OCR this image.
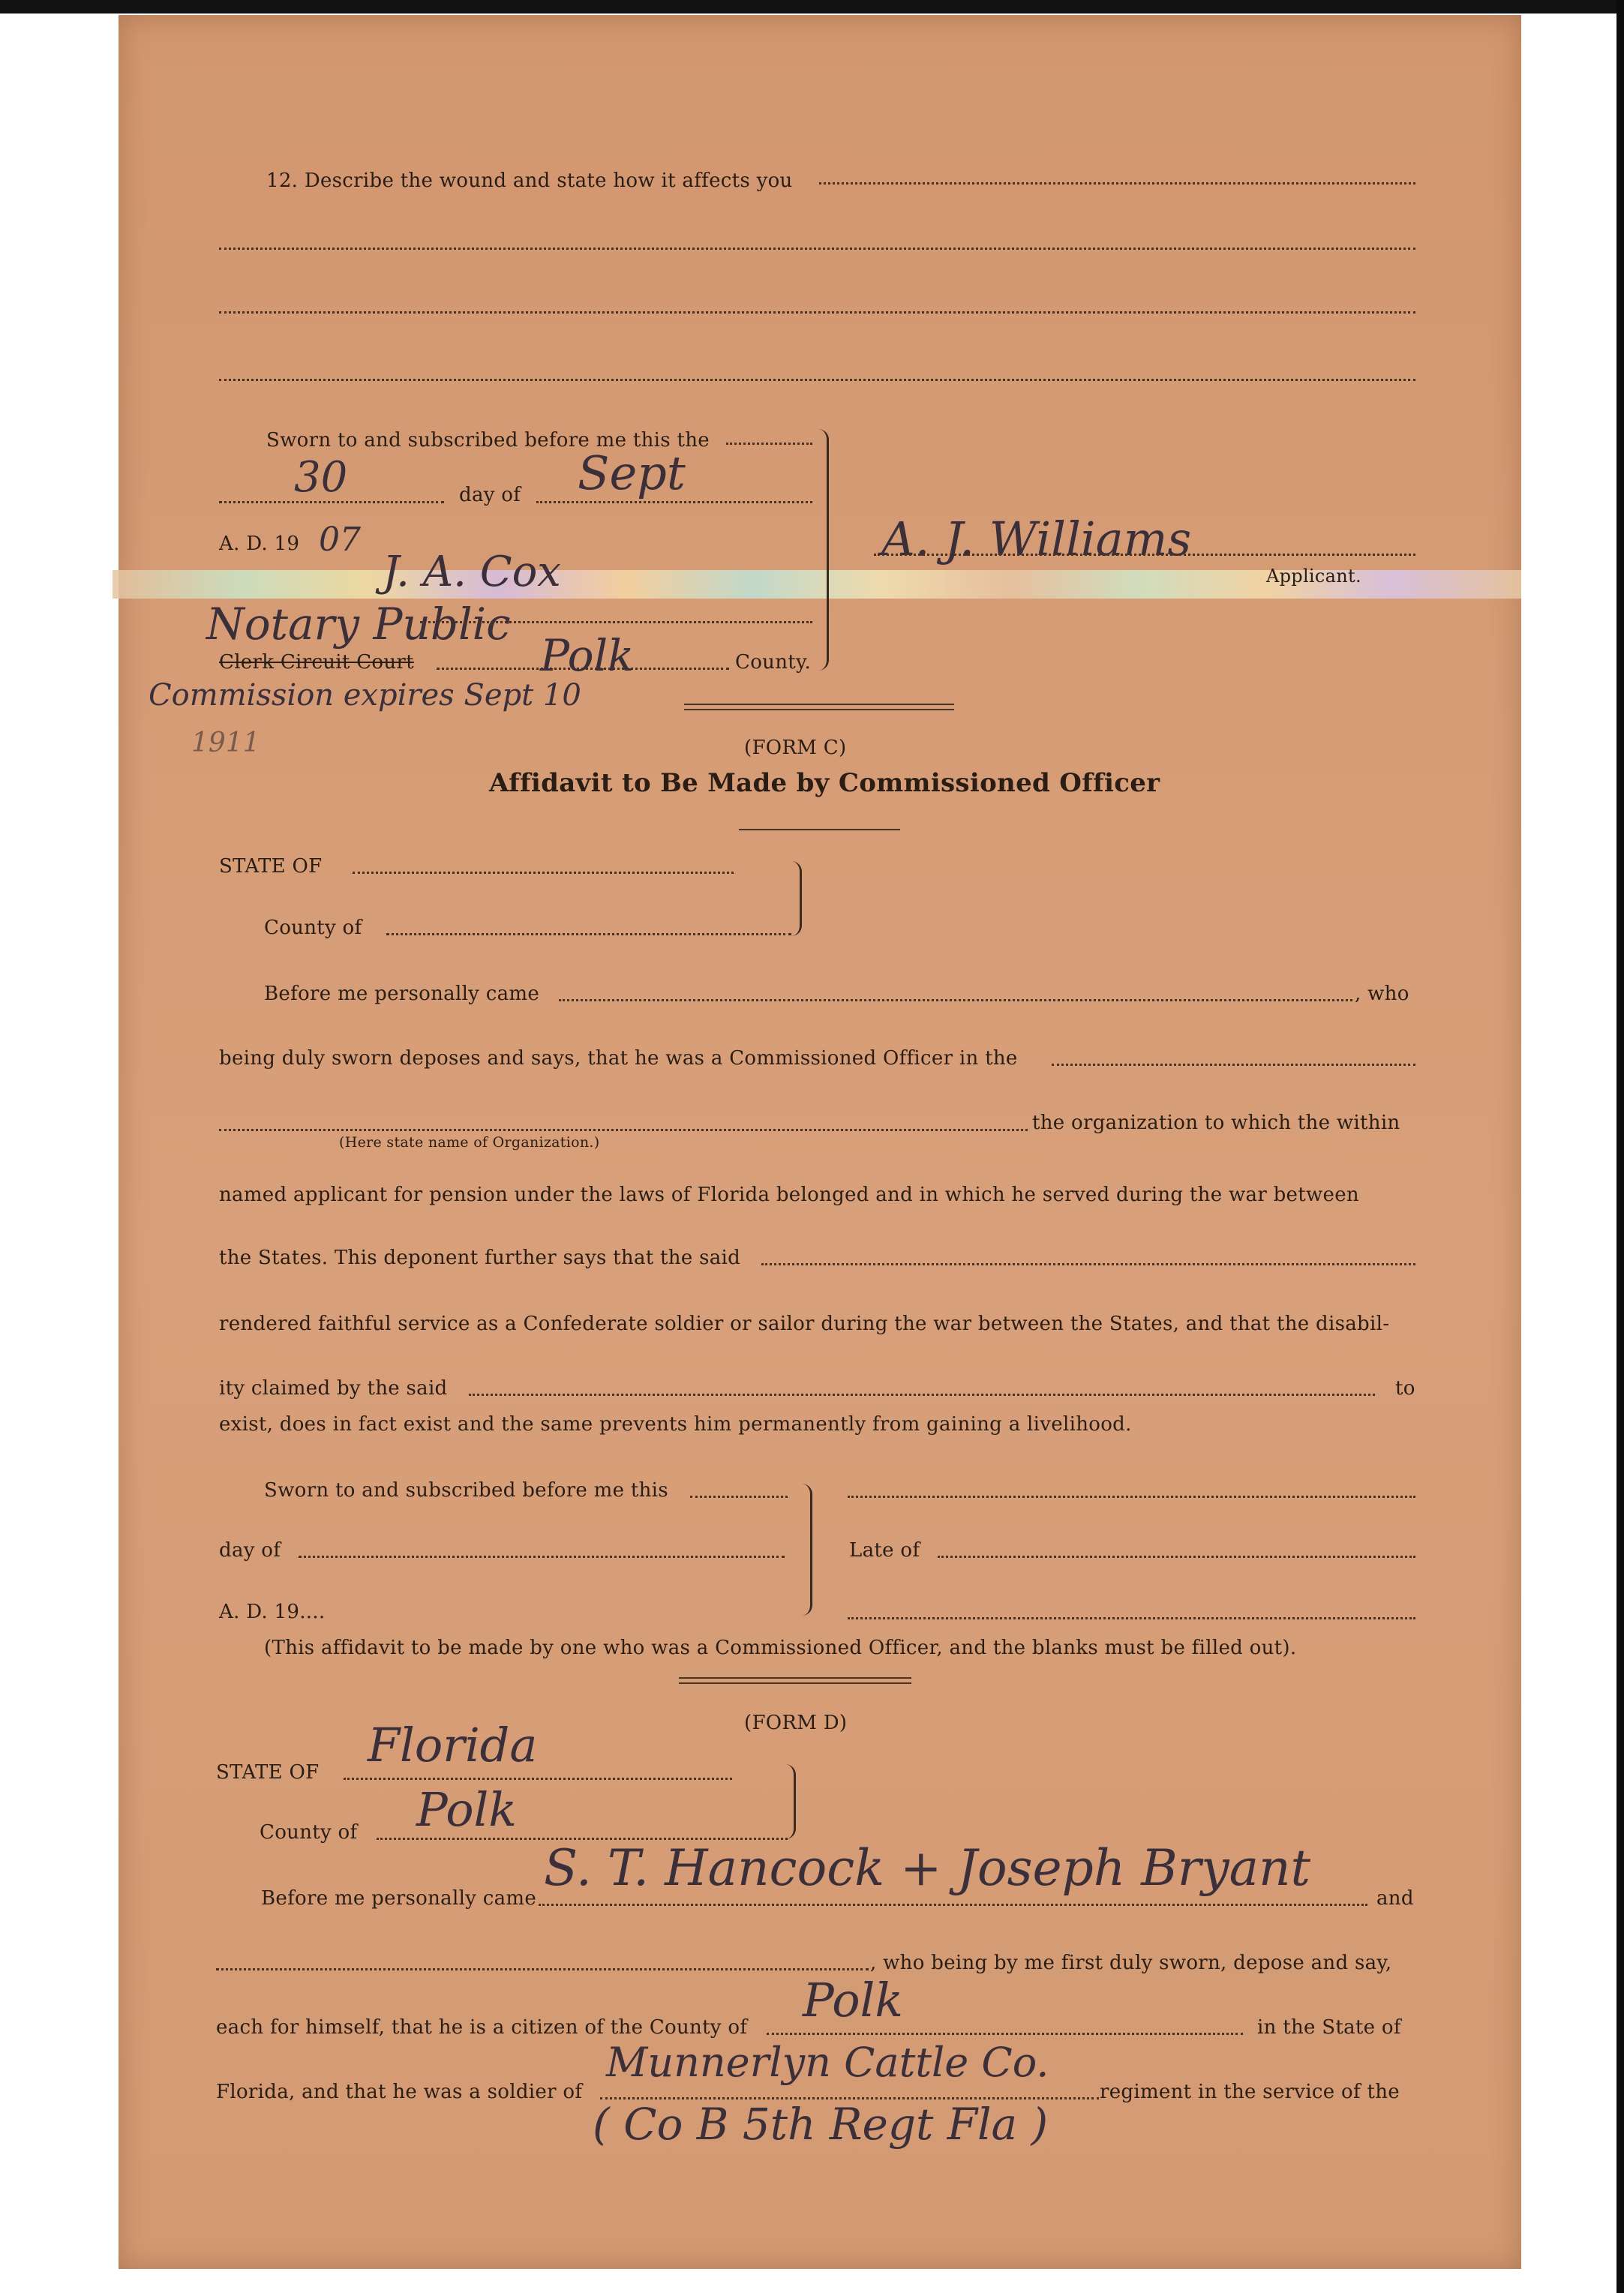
12. Describe the wound and state how it affects you
Sworn to and subscribed before me this the
30	day of Sept
A. D. 19 07
J. A. Cox
Notary Public
Clerk Circuit Court	Polk	County.
Commission expires Sept 10
1911
A. J. Williams
Applicant.
(FORM C)
Affidavit to Be Made by Commissioned Officer
STATE OF
County of
Before me personally came	, who
being duly sworn deposes and says, that he was a Commissioned Officer in the
(Here state name of Organization.)
the organization to which the within
named applicant for pension under the laws of Florida belonged and in which he served during the war between
the States. This deponent further says that the said
rendered faithful service as a Confederate soldier or sailor during the war between the States, and that the disabil-
ity claimed by the said	to
exist, does in fact exist and the same prevents him permanently from gaining a livelihood.
Sworn to and subscribed before me this
day of
A. D. 19....
Late of
(This affidavit to be made by one who was a Commissioned Officer, and the blanks must be filled out).
(FORM D)
STATE OF Florida
County of Polk
Before me personally came
S. T. Hancock + Joseph Bryant
and
, who being by me first duly sworn, depose and say,
each for himself, that he is a citizen of the County of Polk	in the State of
Florida, and that he was a soldier of
Munnerlyn Cattle Co.
( Co B 5th Regt Fla )
regiment in the service of the
